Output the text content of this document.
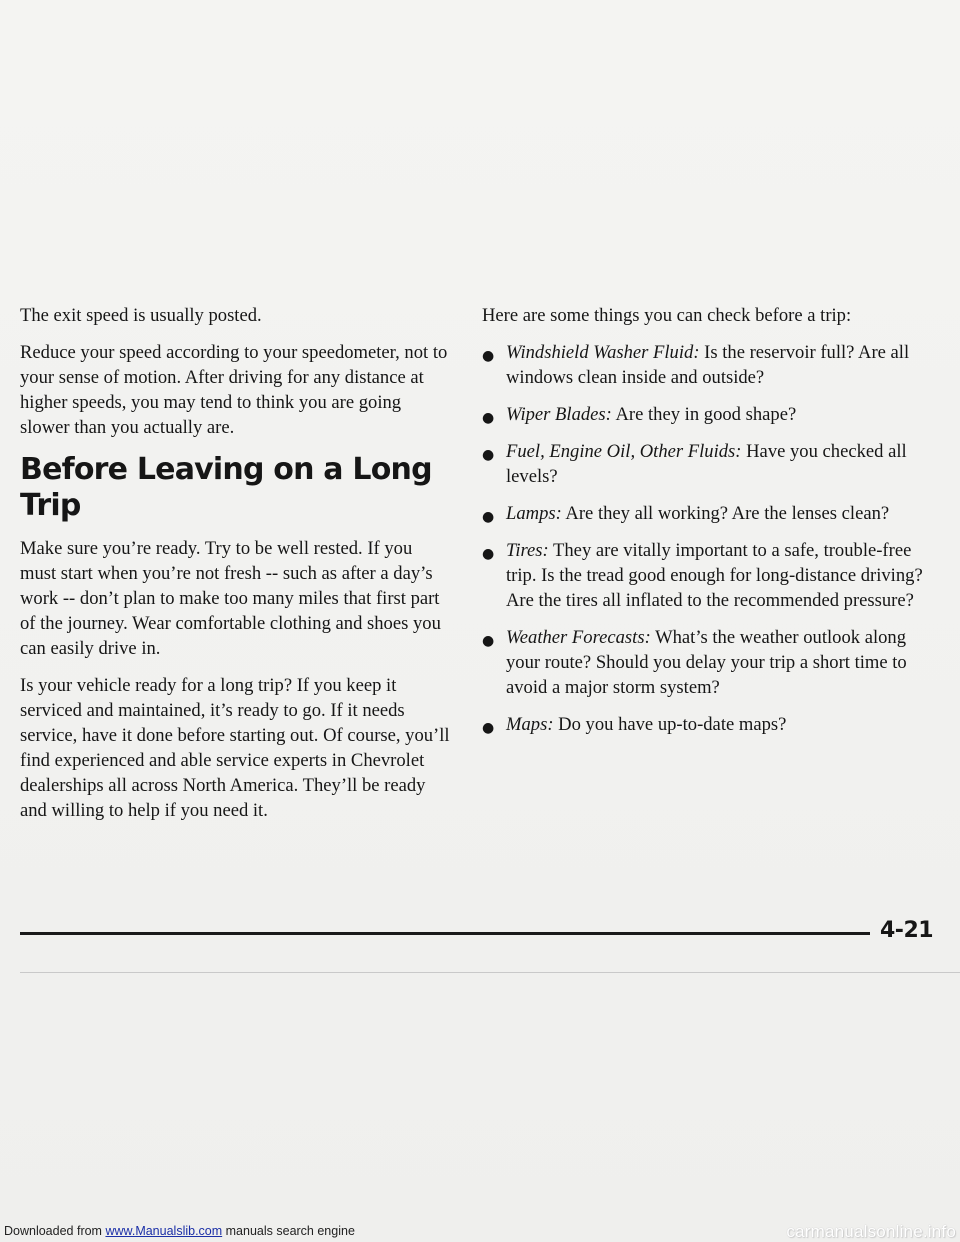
The exit speed is usually posted.

Reduce your speed according to your speedometer, not to your sense of motion. After driving for any distance at higher speeds, you may tend to think you are going slower than you actually are.

Before Leaving on a Long Trip

Make sure you’re ready. Try to be well rested. If you must start when you’re not fresh -- such as after a day’s work -- don’t plan to make too many miles that first part of the journey. Wear comfortable clothing and shoes you can easily drive in.

Is your vehicle ready for a long trip? If you keep it serviced and maintained, it’s ready to go. If it needs service, have it done before starting out. Of course, you’ll find experienced and able service experts in Chevrolet dealerships all across North America. They’ll be ready and willing to help if you need it.

Here are some things you can check before a trip:

● Windshield Washer Fluid: Is the reservoir full? Are all windows clean inside and outside?
● Wiper Blades: Are they in good shape?
● Fuel, Engine Oil, Other Fluids: Have you checked all levels?
● Lamps: Are they all working? Are the lenses clean?
● Tires: They are vitally important to a safe, trouble-free trip. Is the tread good enough for long-distance driving? Are the tires all inflated to the recommended pressure?
● Weather Forecasts: What’s the weather outlook along your route? Should you delay your trip a short time to avoid a major storm system?
● Maps: Do you have up-to-date maps?
4-21
Downloaded from www.Manualslib.com manuals search engine	carmanualsonline.info
